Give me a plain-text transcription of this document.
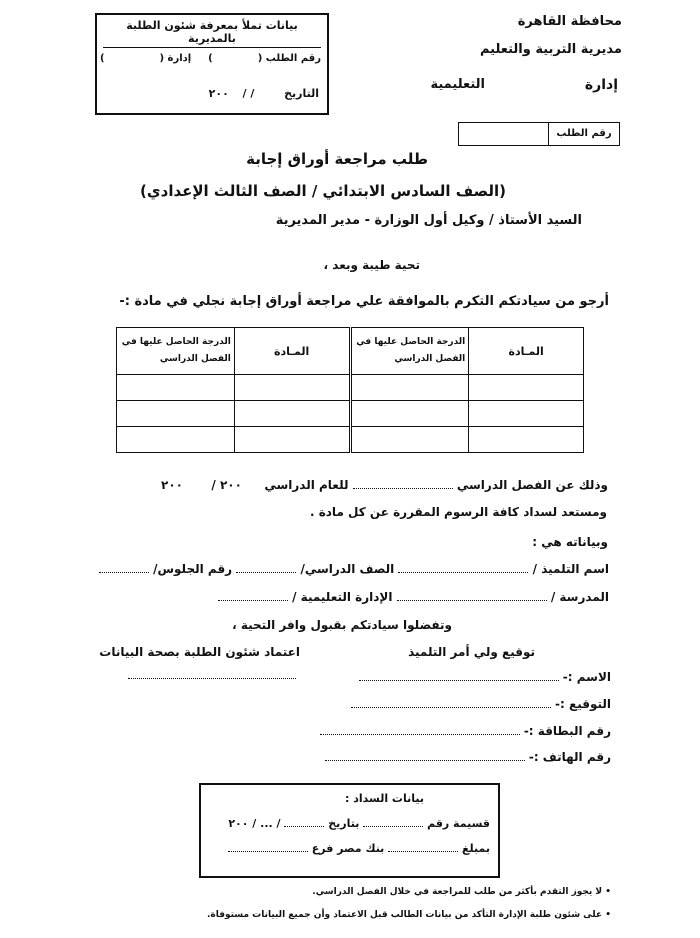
بيانات تملأ بمعرفة شئون الطلبة بالمديرية
رقم الطلب (  )  إدارة (  )
التاريخ  / /  ٢٠٠
محافظة القاهرة
مديرية التربية والتعليم
إدارة
التعليمية
رقم الطلب
طلب مراجعة أوراق إجابة
(الصف السادس الابتدائي / الصف الثالث الإعدادي)
السيد الأستاذ / وكيل أول الوزارة - مدير المديرية
تحية طيبة وبعد ،
أرجو من سيادتكم التكرم بالموافقة علي مراجعة أوراق إجابة نجلي في مادة :-
المـادة	الدرجة الحاصل عليها في الفصل الدراسي	المـادة	الدرجة الحاصل عليها في الفصل الدراسي

وذلك عن الفصل الدراسي  للعام الدراسي  ٢٠٠ /  ٢٠٠
ومستعد لسداد كافة الرسوم المقررة عن كل مادة .
وبياناته هي :
اسم التلميذ /  الصف الدراسي/  رقم الجلوس/
المدرسة /  الإدارة التعليمية /
وتفضلوا سيادتكم بقبول وافر التحية ،
توقيع ولي أمر التلميذ
اعتماد شئون الطلبة بصحة البيانات
الاسم :-
التوقيع :-
رقم البطاقة :-
رقم الهاتف :-
بيانات السداد :
قسيمة رقم  بتاريخ  / ... / ٢٠٠
بمبلغ  بنك مصر فرع
• لا يجوز التقدم بأكثر من طلب للمراجعة في خلال الفصل الدراسي.
• على شئون طلبة الإدارة التأكد من بيانات الطالب قبل الاعتماد وأن جميع البيانات مستوفاة.
